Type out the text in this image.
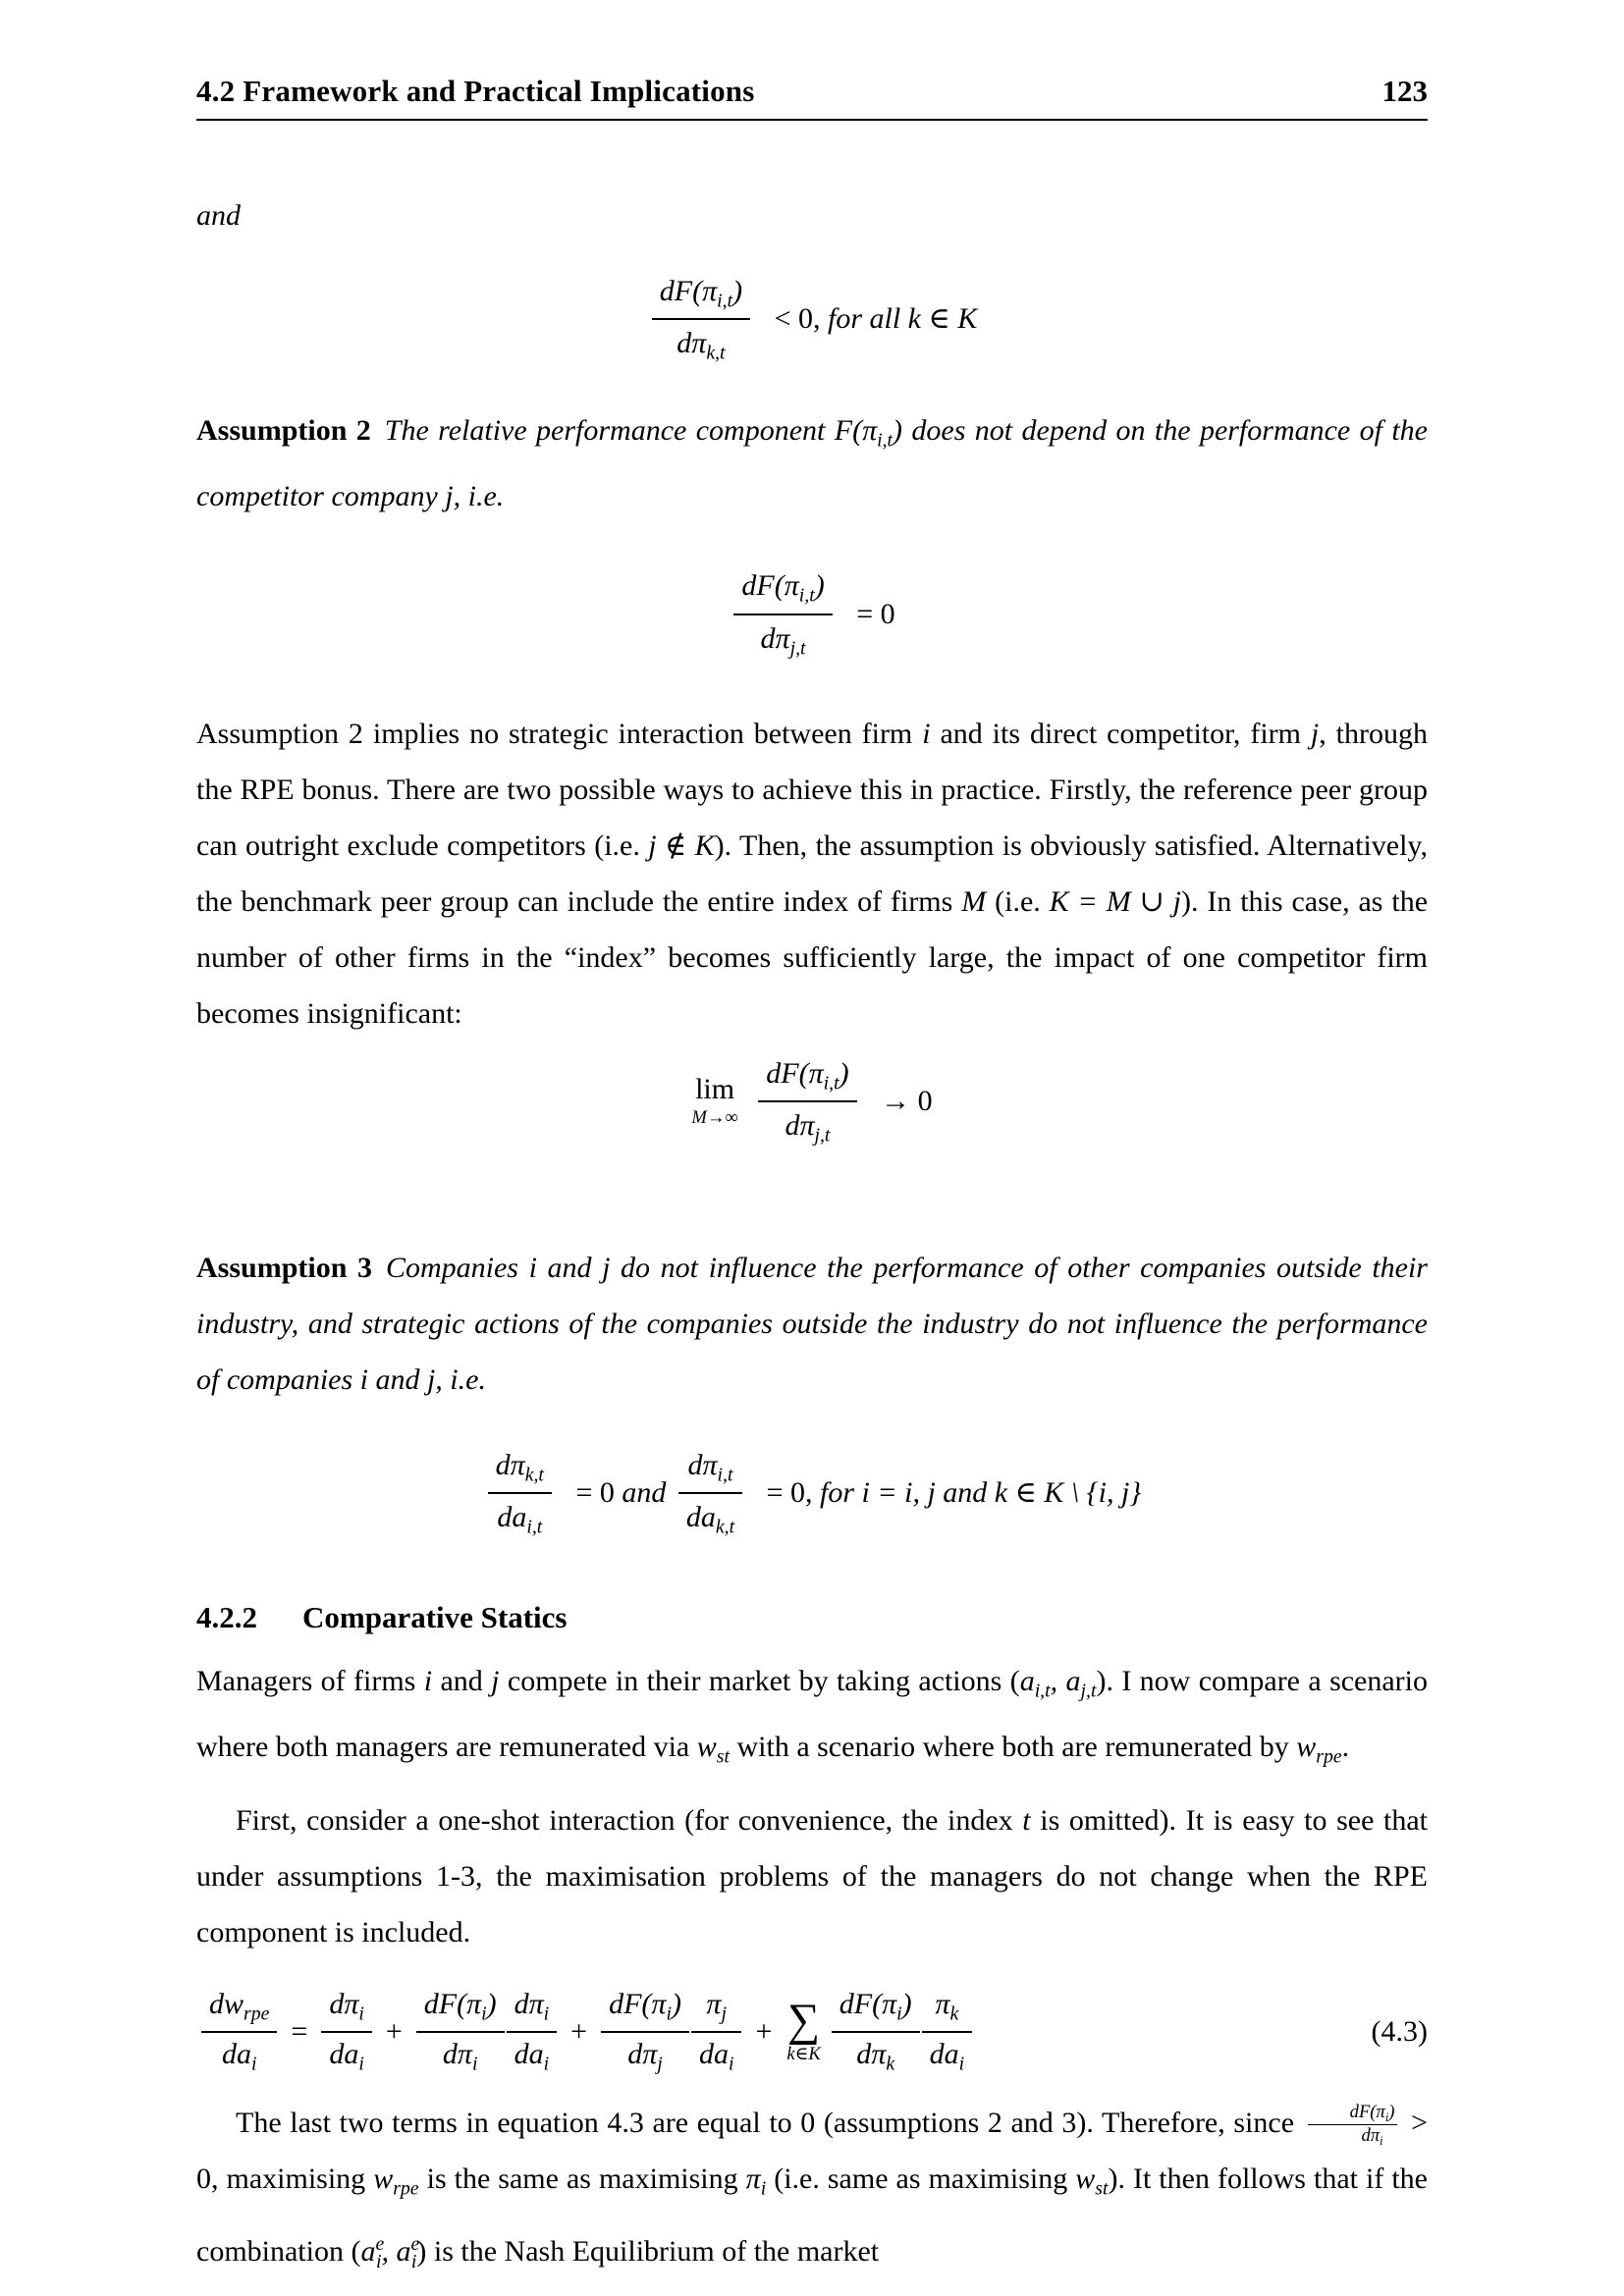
4.2 Framework and Practical Implications	123

and

$\frac{dF(\pi_{i,t})}{d\pi_{k,t}} < 0$, for all k ∈ K

Assumption 2 The relative performance component $F(\pi_{i,t})$ does not depend on the performance of the competitor company j, i.e.

$\frac{dF(\pi_{i,t})}{d\pi_{j,t}} = 0$

Assumption 2 implies no strategic interaction between firm i and its direct competitor, firm j, through the RPE bonus. There are two possible ways to achieve this in practice. Firstly, the reference peer group can outright exclude competitors (i.e. j ∉ K). Then, the assumption is obviously satisfied. Alternatively, the benchmark peer group can include the entire index of firms M (i.e. K = M ∪ j). In this case, as the number of other firms in the “index” becomes sufficiently large, the impact of one competitor firm becomes insignificant:

lim
M→∞
$\frac{dF(\pi_{i,t})}{d\pi_{j,t}} \to 0$

Assumption 3 Companies i and j do not influence the performance of other companies outside their industry, and strategic actions of the companies outside the industry do not influence the performance of companies i and j, i.e.

$\frac{d\pi_{k,t}}{da_{i,t}} = 0$ and $\frac{d\pi_{i,t}}{da_{k,t}} = 0$, for i = i, j and k ∈ K \ {i, j}
4.2.2 Comparative Statics

Managers of firms i and j compete in their market by taking actions ($a_{i,t}$, $a_{j,t}$). I now compare a scenario where both managers are remunerated via $w_{st}$ with a scenario where both are remunerated by $w_{rpe}$.

First, consider a one-shot interaction (for convenience, the index t is omitted). It is easy to see that under assumptions 1-3, the maximisation problems of the managers do not change when the RPE component is included.

$\frac{dw_{rpe}}{da_i} = \frac{d\pi_i}{da_i} + \frac{dF(\pi_i)}{d\pi_i} \frac{d\pi_i}{da_i} + \frac{dF(\pi_i)}{d\pi_j} \frac{\pi_j}{da_i}$ + ∑
k∈K $\frac{dF(\pi_i)}{d\pi_k} \frac{\pi_k}{da_i}$	(4.3)

The last two terms in equation 4.3 are equal to 0 (assumptions 2 and 3). Therefore, since	$dF(\pi_i)$
$d\pi_i$
> 0, maximising $w_{rpe}$ is the same as maximising $\pi_i$ (i.e. same as maximising $w_{st}$). It then follows that if the combination ($a^e_i$, $a^e_i$) is the Nash Equilibrium of the market
